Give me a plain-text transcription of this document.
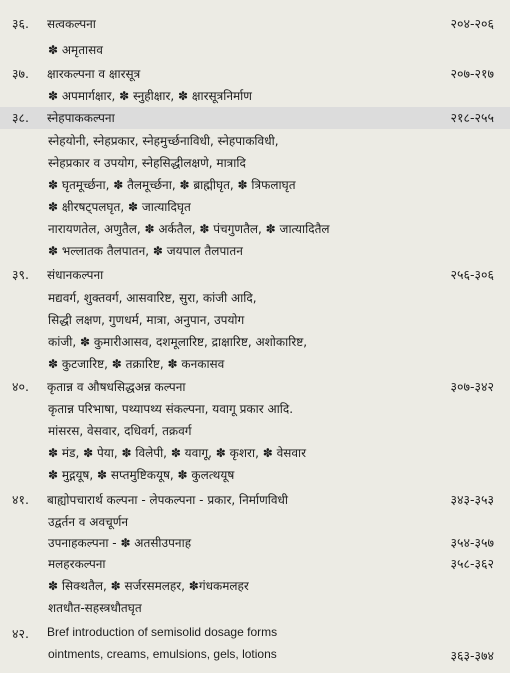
३६. सत्वकल्पना	२०४-२०६
✽ अमृतासव
३७. क्षारकल्पना व क्षारसूत्र	२०७-२१७
✽ अपमार्गक्षार, ✽ स्नुहीक्षार, ✽ क्षारसूत्रनिर्माण
३८. स्नेहपाककल्पना	२१८-२५५
स्नेहयोनी, स्नेहप्रकार, स्नेहमुर्च्छनाविधी, स्नेहपाकविधी,
स्नेहप्रकार व उपयोग, स्नेहसिद्धीलक्षणे, मात्रादि
✽ घृतमूर्च्छना, ✽ तैलमूर्च्छना, ✽ ब्राह्मीघृत, ✽ त्रिफलाघृत
✽ क्षीरषट्पलघृत, ✽ जात्यादिघृत
नारायणतेल, अणुतैल, ✽ अर्कतैल, ✽ पंचगुणतैल, ✽ जात्यादितैल
✽ भल्लातक तैलपातन, ✽ जयपाल तैलपातन
३९. संधानकल्पना	२५६-३०६
मद्यवर्ग, शुक्तवर्ग, आसवारिष्ट, सुरा, कांजी आदि,
सिद्धी लक्षण, गुणधर्म, मात्रा, अनुपान, उपयोग
कांजी, ✽ कुमारीआसव, दशमूलारिष्ट, द्राक्षारिष्ट, अशोकारिष्ट,
✽ कुटजारिष्ट, ✽ तक्रारिष्ट, ✽ कनकासव
४०. कृतान्न व औषधसिद्धअन्न कल्पना	३०७-३४२
कृतान्न परिभाषा, पथ्यापथ्य संकल्पना, यवागू प्रकार आदि.
मांसरस, वेसवार, दधिवर्ग, तक्रवर्ग
✽ मंड, ✽ पेया, ✽ विलेपी, ✽ यवागू, ✽ कृशरा, ✽ वेसवार
✽ मुद्गयूष, ✽ सप्तमुष्टिकयूष, ✽ कुलत्थयूष
४१. बाह्योपचारार्थ कल्पना - लेपकल्पना - प्रकार, निर्माणविधी	३४३-३५३
उद्वर्तन व अवचूर्णन
उपनाहकल्पना - ✽ अतसीउपनाह	३५४-३५७
मलहरकल्पना	३५८-३६२
✽ सिक्थतैल, ✽ सर्जरसमलहर, ✽गंधकमलहर
शतधौत-सहस्त्रधौतघृत
४२. Bref introduction of semisolid dosage forms
ointments, creams, emulsions, gels, lotions	३६३-३७४
